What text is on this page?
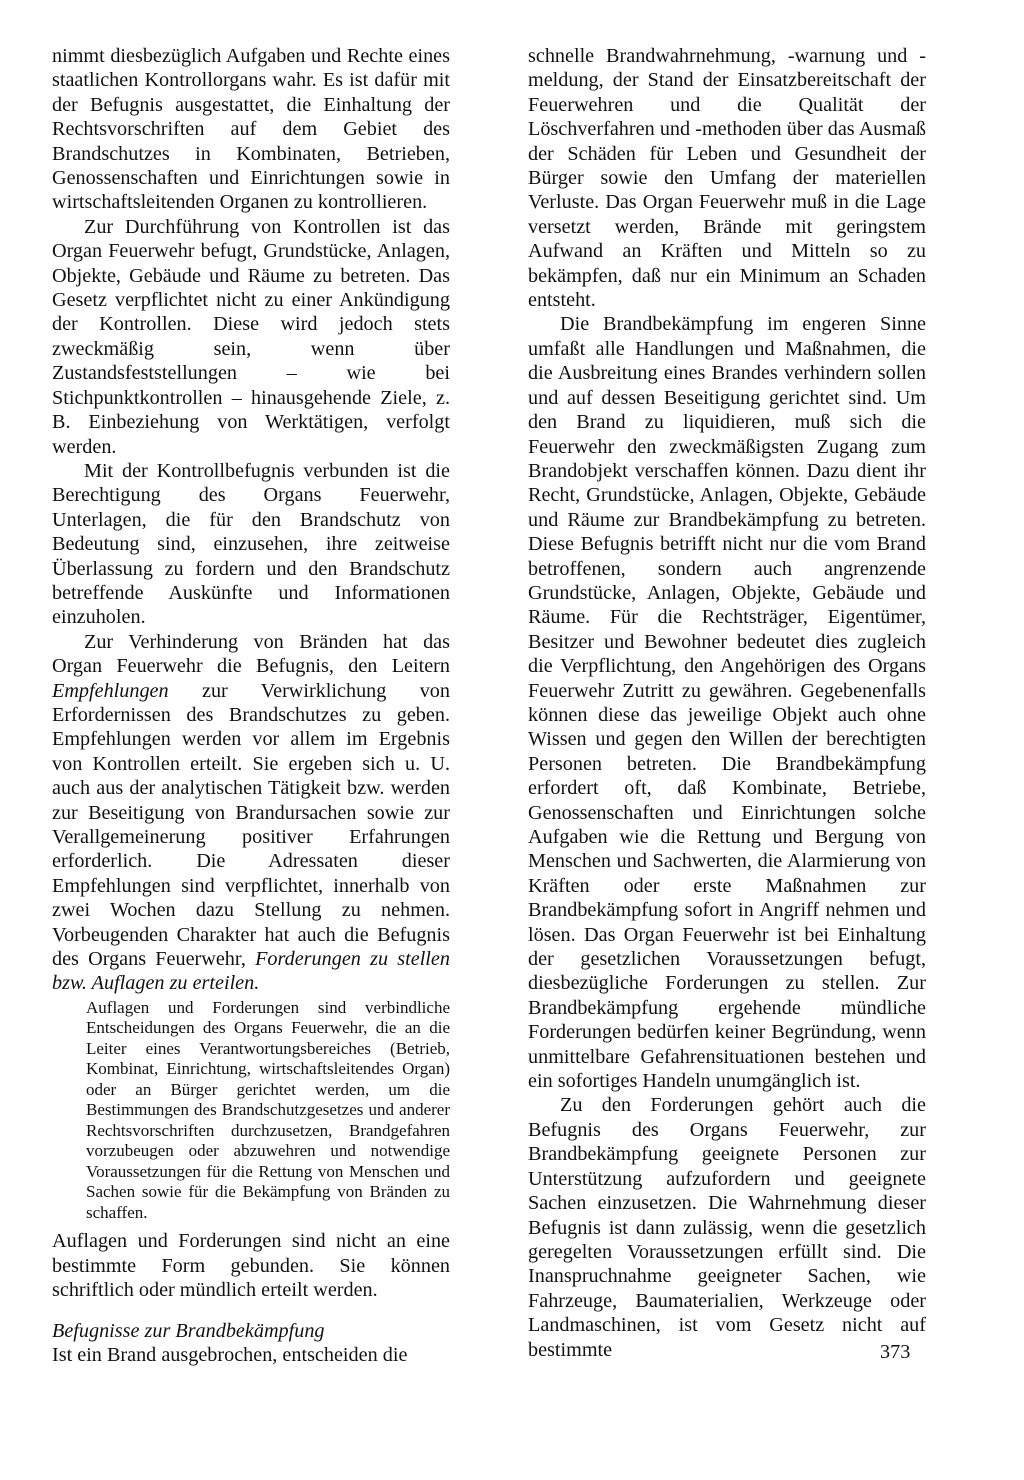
nimmt diesbezüglich Aufgaben und Rechte eines staatlichen Kontrollorgans wahr. Es ist dafür mit der Befugnis ausgestattet, die Einhaltung der Rechtsvorschriften auf dem Gebiet des Brandschutzes in Kombinaten, Betrieben, Genossenschaften und Einrichtungen sowie in wirtschaftsleitenden Organen zu kontrollieren.

Zur Durchführung von Kontrollen ist das Organ Feuerwehr befugt, Grundstücke, Anlagen, Objekte, Gebäude und Räume zu betreten. Das Gesetz verpflichtet nicht zu einer Ankündigung der Kontrollen. Diese wird jedoch stets zweckmäßig sein, wenn über Zustandsfeststellungen – wie bei Stichpunktkontrollen – hinausgehende Ziele, z. B. Einbeziehung von Werktätigen, verfolgt werden.

Mit der Kontrollbefugnis verbunden ist die Berechtigung des Organs Feuerwehr, Unterlagen, die für den Brandschutz von Bedeutung sind, einzusehen, ihre zeitweise Überlassung zu fordern und den Brandschutz betreffende Auskünfte und Informationen einzuholen.

Zur Verhinderung von Bränden hat das Organ Feuerwehr die Befugnis, den Leitern Empfehlungen zur Verwirklichung von Erfordernissen des Brandschutzes zu geben. Empfehlungen werden vor allem im Ergebnis von Kontrollen erteilt. Sie ergeben sich u. U. auch aus der analytischen Tätigkeit bzw. werden zur Beseitigung von Brandursachen sowie zur Verallgemeinerung positiver Erfahrungen erforderlich. Die Adressaten dieser Empfehlungen sind verpflichtet, innerhalb von zwei Wochen dazu Stellung zu nehmen. Vorbeugenden Charakter hat auch die Befugnis des Organs Feuerwehr, Forderungen zu stellen bzw. Auflagen zu erteilen.

Auflagen und Forderungen sind verbindliche Entscheidungen des Organs Feuerwehr, die an die Leiter eines Verantwortungsbereiches (Betrieb, Kombinat, Einrichtung, wirtschaftsleitendes Organ) oder an Bürger gerichtet werden, um die Bestimmungen des Brandschutzgesetzes und anderer Rechtsvorschriften durchzusetzen, Brandgefahren vorzubeugen oder abzuwehren und notwendige Voraussetzungen für die Rettung von Menschen und Sachen sowie für die Bekämpfung von Bränden zu schaffen.

Auflagen und Forderungen sind nicht an eine bestimmte Form gebunden. Sie können schriftlich oder mündlich erteilt werden.

Befugnisse zur Brandbekämpfung

Ist ein Brand ausgebrochen, entscheiden die

schnelle Brandwahrnehmung, -warnung und -meldung, der Stand der Einsatzbereitschaft der Feuerwehren und die Qualität der Löschverfahren und -methoden über das Ausmaß der Schäden für Leben und Gesundheit der Bürger sowie den Umfang der materiellen Verluste. Das Organ Feuerwehr muß in die Lage versetzt werden, Brände mit geringstem Aufwand an Kräften und Mitteln so zu bekämpfen, daß nur ein Minimum an Schaden entsteht.

Die Brandbekämpfung im engeren Sinne umfaßt alle Handlungen und Maßnahmen, die die Ausbreitung eines Brandes verhindern sollen und auf dessen Beseitigung gerichtet sind. Um den Brand zu liquidieren, muß sich die Feuerwehr den zweckmäßigsten Zugang zum Brandobjekt verschaffen können. Dazu dient ihr Recht, Grundstücke, Anlagen, Objekte, Gebäude und Räume zur Brandbekämpfung zu betreten. Diese Befugnis betrifft nicht nur die vom Brand betroffenen, sondern auch angrenzende Grundstücke, Anlagen, Objekte, Gebäude und Räume. Für die Rechtsträger, Eigentümer, Besitzer und Bewohner bedeutet dies zugleich die Verpflichtung, den Angehörigen des Organs Feuerwehr Zutritt zu gewähren. Gegebenenfalls können diese das jeweilige Objekt auch ohne Wissen und gegen den Willen der berechtigten Personen betreten. Die Brandbekämpfung erfordert oft, daß Kombinate, Betriebe, Genossenschaften und Einrichtungen solche Aufgaben wie die Rettung und Bergung von Menschen und Sachwerten, die Alarmierung von Kräften oder erste Maßnahmen zur Brandbekämpfung sofort in Angriff nehmen und lösen. Das Organ Feuerwehr ist bei Einhaltung der gesetzlichen Voraussetzungen befugt, diesbezügliche Forderungen zu stellen. Zur Brandbekämpfung ergehende mündliche Forderungen bedürfen keiner Begründung, wenn unmittelbare Gefahrensituationen bestehen und ein sofortiges Handeln unumgänglich ist.

Zu den Forderungen gehört auch die Befugnis des Organs Feuerwehr, zur Brandbekämpfung geeignete Personen zur Unterstützung aufzufordern und geeignete Sachen einzusetzen. Die Wahrnehmung dieser Befugnis ist dann zulässig, wenn die gesetzlich geregelten Voraussetzungen erfüllt sind. Die Inanspruchnahme geeigneter Sachen, wie Fahrzeuge, Baumaterialien, Werkzeuge oder Landmaschinen, ist vom Gesetz nicht auf bestimmte	373
